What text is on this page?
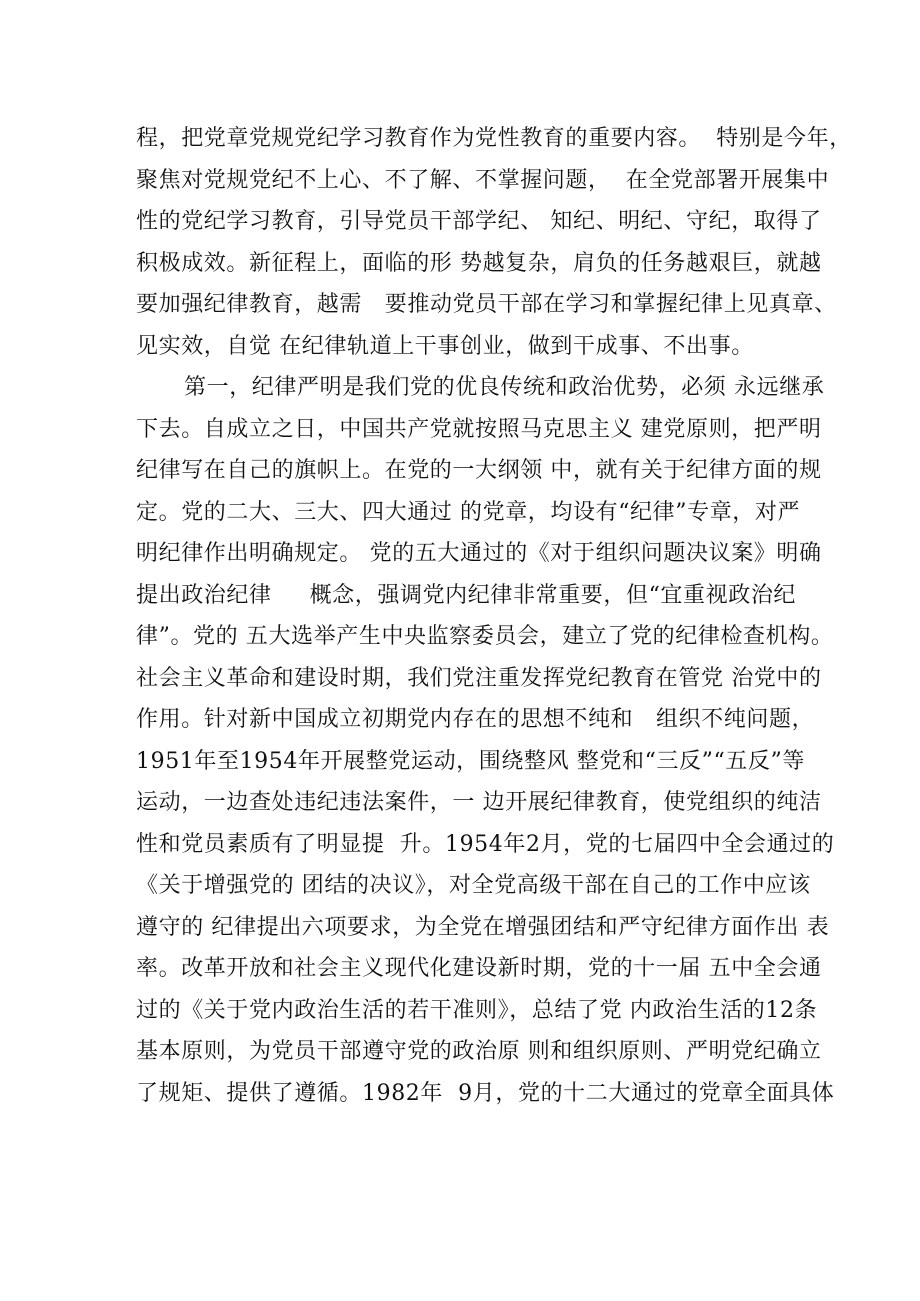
程，把党章党规党纪学习教育作为党性教育的重要内容。  特别是今年，
聚焦对党规党纪不上心、不了解、不掌握问题，  在全党部署开展集中
性的党纪学习教育，引导党员干部学纪、 知纪、明纪、守纪，取得了
积极成效。新征程上，面临的形 势越复杂，肩负的任务越艰巨，就越
要加强纪律教育，越需   要推动党员干部在学习和掌握纪律上见真章、
见实效，自觉 在纪律轨道上干事创业，做到干成事、不出事。
第一，纪律严明是我们党的优良传统和政治优势，必须 永远继承
下去。自成立之日，中国共产党就按照马克思主义 建党原则，把严明
纪律写在自己的旗帜上。在党的一大纲领 中，就有关于纪律方面的规
定。党的二大、三大、四大通过 的党章，均设有“纪律”专章，对严
明纪律作出明确规定。 党的五大通过的《对于组织问题决议案》明确
提出政治纪律     概念，强调党内纪律非常重要，但“宜重视政治纪
律”。党的 五大选举产生中央监察委员会，建立了党的纪律检查机构。
社会主义革命和建设时期，我们党注重发挥党纪教育在管党 治党中的
作用。针对新中国成立初期党内存在的思想不纯和   组织不纯问题，
1951年至1954年开展整党运动，围绕整风 整党和“三反”“五反”等
运动，一边查处违纪违法案件，一 边开展纪律教育，使党组织的纯洁
性和党员素质有了明显提  升。1954年2月，党的七届四中全会通过的
《关于增强党的 团结的决议》，对全党高级干部在自己的工作中应该
遵守的 纪律提出六项要求，为全党在增强团结和严守纪律方面作出 表
率。改革开放和社会主义现代化建设新时期，党的十一届 五中全会通
过的《关于党内政治生活的若干准则》，总结了党 内政治生活的12条
基本原则，为党员干部遵守党的政治原 则和组织原则、严明党纪确立
了规矩、提供了遵循。1982年  9月，党的十二大通过的党章全面具体
